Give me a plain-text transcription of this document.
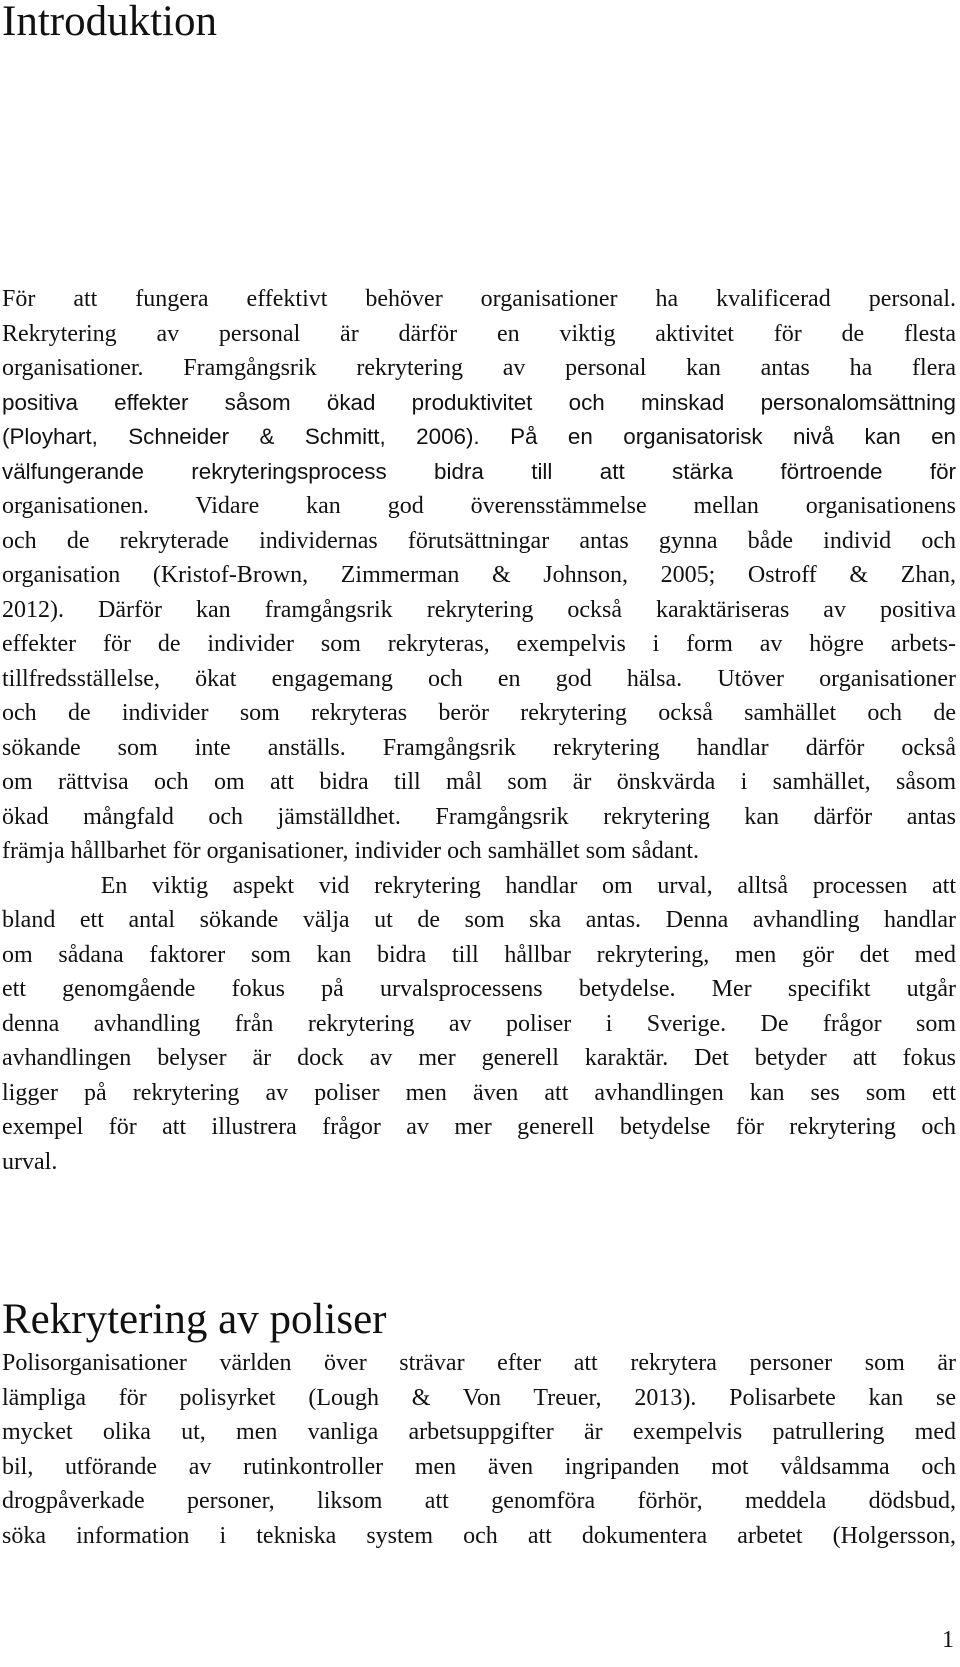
Introduktion
För att fungera effektivt behöver organisationer ha kvalificerad personal.
Rekrytering av personal är därför en viktig aktivitet för de flesta
organisationer. Framgångsrik rekrytering av personal kan antas ha flera
positiva effekter såsom ökad produktivitet och minskad personalomsättning
(Ployhart, Schneider & Schmitt, 2006). På en organisatorisk nivå kan en
välfungerande rekryteringsprocess bidra till att stärka förtroende för
organisationen. Vidare kan god överensstämmelse mellan organisationens
och de rekryterade individernas förutsättningar antas gynna både individ och
organisation (Kristof-Brown, Zimmerman & Johnson, 2005; Ostroff & Zhan,
2012). Därför kan framgångsrik rekrytering också karaktäriseras av positiva
effekter för de individer som rekryteras, exempelvis i form av högre arbets-
tillfredsställelse, ökat engagemang och en god hälsa. Utöver organisationer
och de individer som rekryteras berör rekrytering också samhället och de
sökande som inte anställs. Framgångsrik rekrytering handlar därför också
om rättvisa och om att bidra till mål som är önskvärda i samhället, såsom
ökad mångfald och jämställdhet. Framgångsrik rekrytering kan därför antas
främja hållbarhet för organisationer, individer och samhället som sådant.
En viktig aspekt vid rekrytering handlar om urval, alltså processen att
bland ett antal sökande välja ut de som ska antas. Denna avhandling handlar
om sådana faktorer som kan bidra till hållbar rekrytering, men gör det med
ett genomgående fokus på urvalsprocessens betydelse. Mer specifikt utgår
denna avhandling från rekrytering av poliser i Sverige. De frågor som
avhandlingen belyser är dock av mer generell karaktär. Det betyder att fokus
ligger på rekrytering av poliser men även att avhandlingen kan ses som ett
exempel för att illustrera frågor av mer generell betydelse för rekrytering och
urval.
Rekrytering av poliser
Polisorganisationer världen över strävar efter att rekrytera personer som är
lämpliga för polisyrket (Lough & Von Treuer, 2013). Polisarbete kan se
mycket olika ut, men vanliga arbetsuppgifter är exempelvis patrullering med
bil, utförande av rutinkontroller men även ingripanden mot våldsamma och
drogpåverkade personer, liksom att genomföra förhör, meddela dödsbud,
söka information i tekniska system och att dokumentera arbetet (Holgersson,
1
